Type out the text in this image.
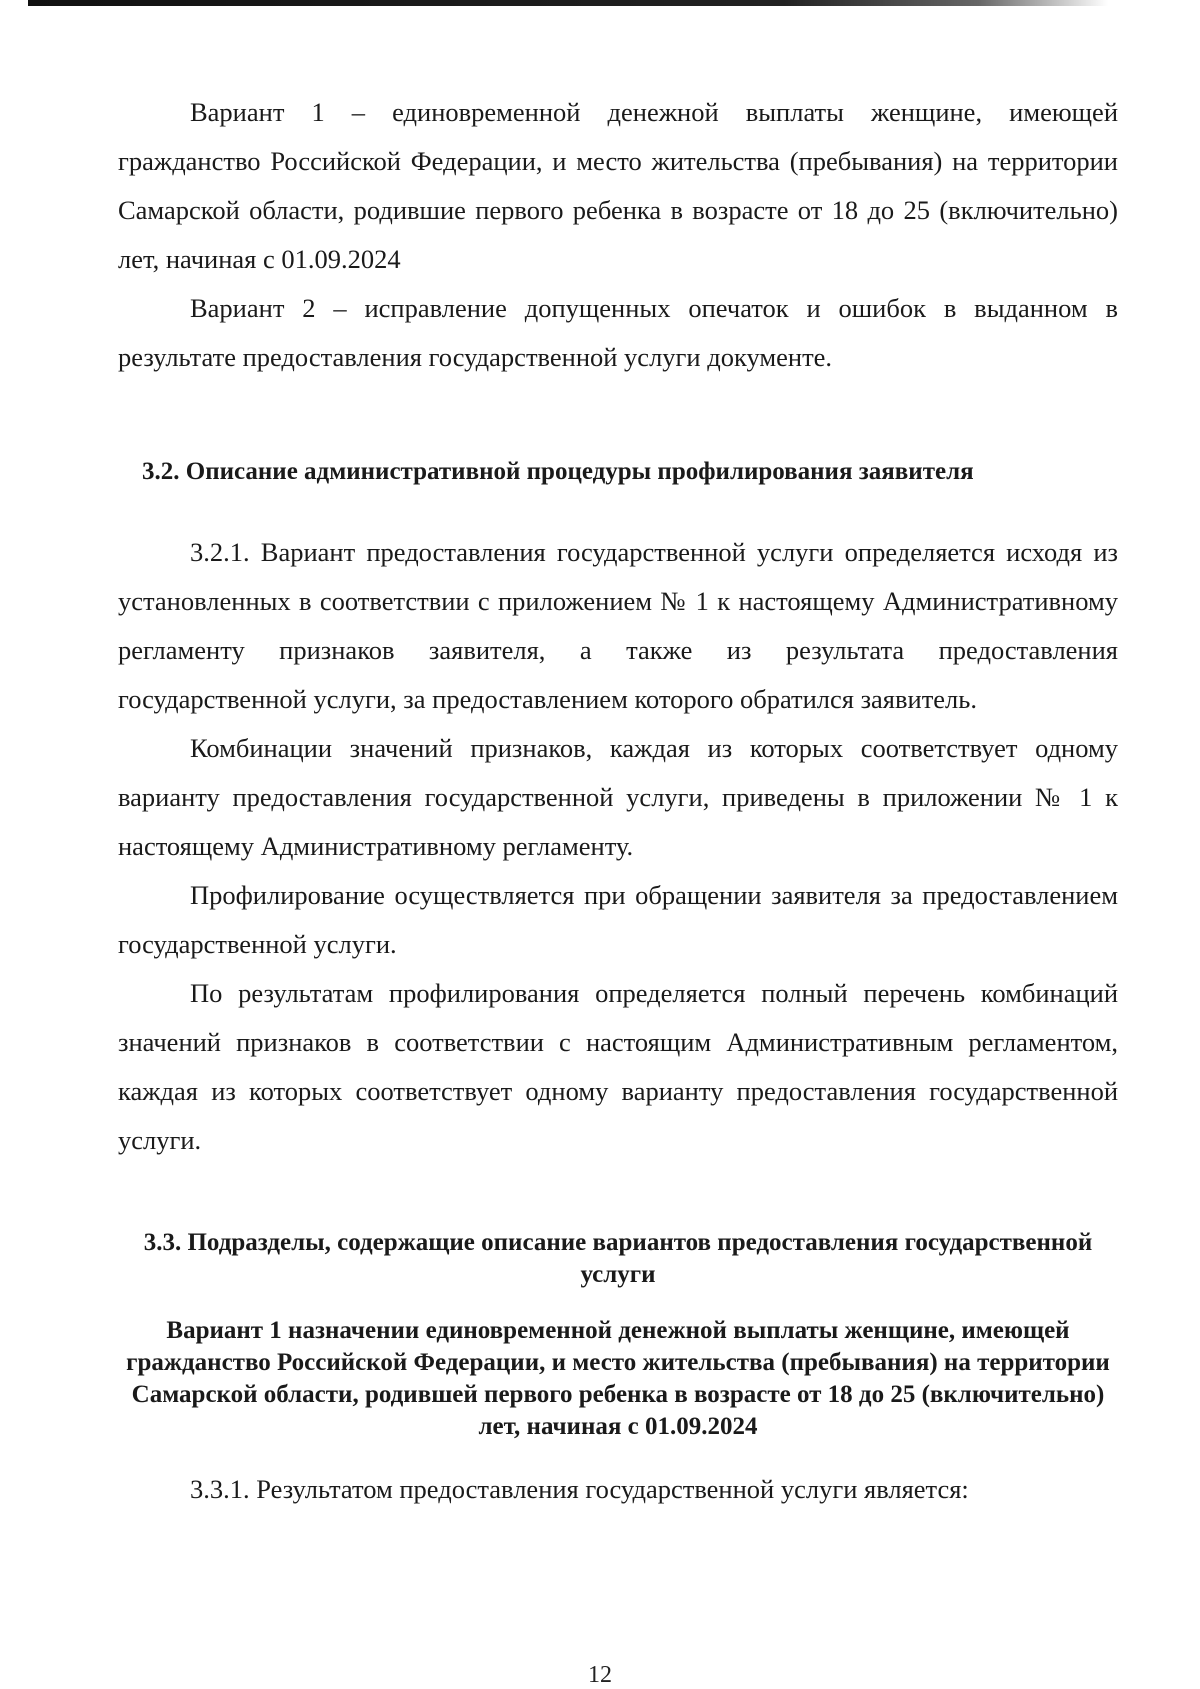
Вариант 1 – единовременной денежной выплаты женщине, имеющей гражданство Российской Федерации, и место жительства (пребывания) на территории Самарской области, родившие первого ребенка в возрасте от 18 до 25 (включительно) лет, начиная с 01.09.2024

Вариант 2 – исправление допущенных опечаток и ошибок в выданном в результате предоставления государственной услуги документе.

3.2. Описание административной процедуры профилирования заявителя

3.2.1. Вариант предоставления государственной услуги определяется исходя из установленных в соответствии с приложением № 1 к настоящему Административному регламенту признаков заявителя, а также из результата предоставления государственной услуги, за предоставлением которого обратился заявитель.

Комбинации значений признаков, каждая из которых соответствует одному варианту предоставления государственной услуги, приведены в приложении № 1 к настоящему Административному регламенту.

Профилирование осуществляется при обращении заявителя за предоставлением государственной услуги.

По результатам профилирования определяется полный перечень комбинаций значений признаков в соответствии с настоящим Административным регламентом, каждая из которых соответствует одному варианту предоставления государственной услуги.

3.3. Подразделы, содержащие описание вариантов предоставления государственной услуги
Вариант 1 назначении единовременной денежной выплаты женщине, имеющей гражданство Российской Федерации, и место жительства (пребывания) на территории Самарской области, родившей первого ребенка в возрасте от 18 до 25 (включительно) лет, начиная с 01.09.2024

3.3.1. Результатом предоставления государственной услуги является:

12
